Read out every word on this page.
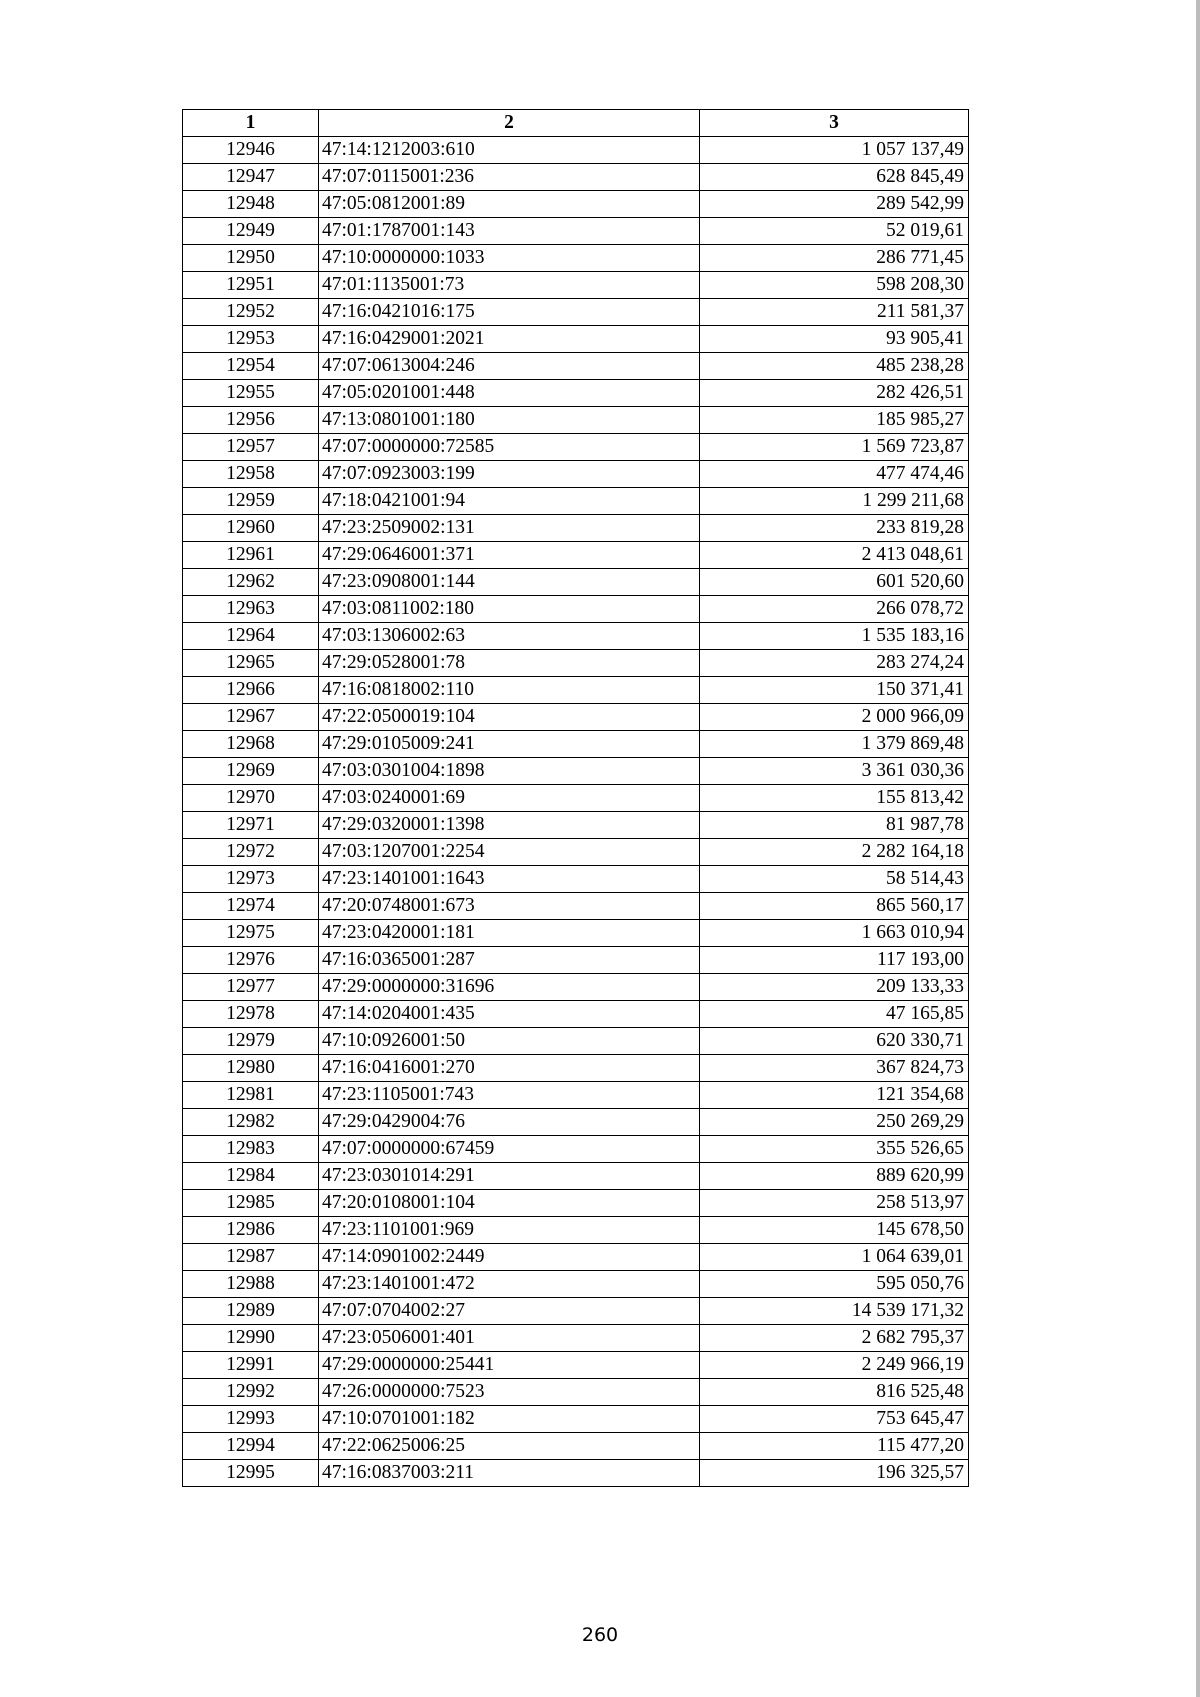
1	2	3
12946	47:14:1212003:610	1 057 137,49
12947	47:07:0115001:236	628 845,49
12948	47:05:0812001:89	289 542,99
12949	47:01:1787001:143	52 019,61
12950	47:10:0000000:1033	286 771,45
12951	47:01:1135001:73	598 208,30
12952	47:16:0421016:175	211 581,37
12953	47:16:0429001:2021	93 905,41
12954	47:07:0613004:246	485 238,28
12955	47:05:0201001:448	282 426,51
12956	47:13:0801001:180	185 985,27
12957	47:07:0000000:72585	1 569 723,87
12958	47:07:0923003:199	477 474,46
12959	47:18:0421001:94	1 299 211,68
12960	47:23:2509002:131	233 819,28
12961	47:29:0646001:371	2 413 048,61
12962	47:23:0908001:144	601 520,60
12963	47:03:0811002:180	266 078,72
12964	47:03:1306002:63	1 535 183,16
12965	47:29:0528001:78	283 274,24
12966	47:16:0818002:110	150 371,41
12967	47:22:0500019:104	2 000 966,09
12968	47:29:0105009:241	1 379 869,48
12969	47:03:0301004:1898	3 361 030,36
12970	47:03:0240001:69	155 813,42
12971	47:29:0320001:1398	81 987,78
12972	47:03:1207001:2254	2 282 164,18
12973	47:23:1401001:1643	58 514,43
12974	47:20:0748001:673	865 560,17
12975	47:23:0420001:181	1 663 010,94
12976	47:16:0365001:287	117 193,00
12977	47:29:0000000:31696	209 133,33
12978	47:14:0204001:435	47 165,85
12979	47:10:0926001:50	620 330,71
12980	47:16:0416001:270	367 824,73
12981	47:23:1105001:743	121 354,68
12982	47:29:0429004:76	250 269,29
12983	47:07:0000000:67459	355 526,65
12984	47:23:0301014:291	889 620,99
12985	47:20:0108001:104	258 513,97
12986	47:23:1101001:969	145 678,50
12987	47:14:0901002:2449	1 064 639,01
12988	47:23:1401001:472	595 050,76
12989	47:07:0704002:27	14 539 171,32
12990	47:23:0506001:401	2 682 795,37
12991	47:29:0000000:25441	2 249 966,19
12992	47:26:0000000:7523	816 525,48
12993	47:10:0701001:182	753 645,47
12994	47:22:0625006:25	115 477,20
12995	47:16:0837003:211	196 325,57
260
